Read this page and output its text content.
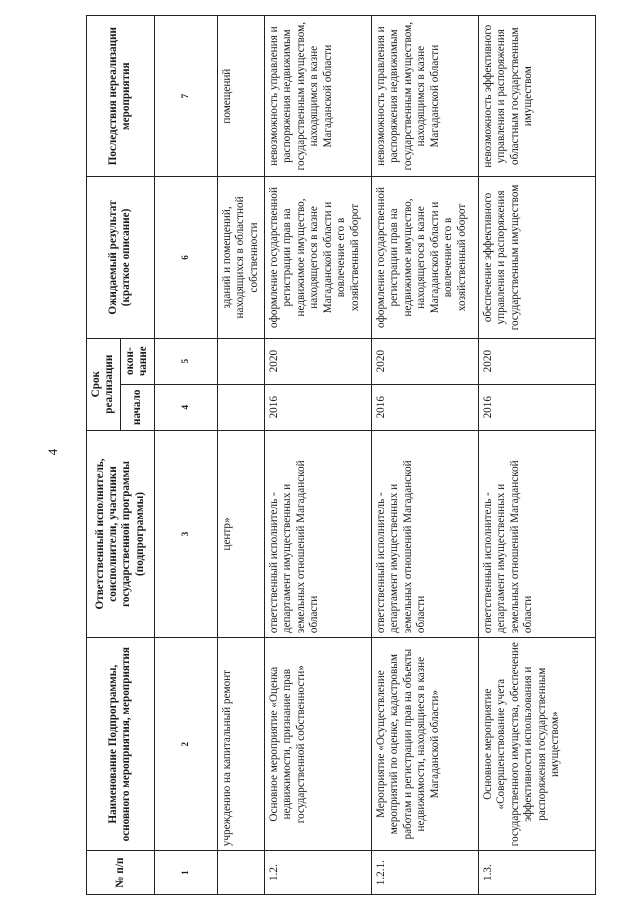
4
№ п/п	Наименование Подпрограммы, основного мероприятия, мероприятия	Ответственный исполнитель, соисполнители, участники государственной программы (подпрограммы)	Срок реализации		Ожидаемый результат (краткое описание)	Последствия нереализации мероприятия
			начало	окон-чание		
1	2	3	4	5	6	7
	учреждению на капитальный ремонт	центр»			зданий и помещений, находящихся в областной собственности	помещений
1.2.	Основное мероприятие «Оценка недвижимости, признание прав государственной собственности»	ответственный исполнитель - департамент имущественных и земельных отношений Магаданской области	2016	2020	оформление государственной регистрации прав на недвижимое имущество, находящегося в казне Магаданской области и вовлечение его в хозяйственный оборот	невозможность управления и распоряжения недвижимым государственным имуществом, находящимся в казне Магаданской области
1.2.1.	Мероприятие «Осуществление мероприятий по оценке, кадастровым работам и регистрации прав на объекты недвижимости, находящиеся в казне Магаданской области»	ответственный исполнитель - департамент имущественных и земельных отношений Магаданской области	2016	2020	оформление государственной регистрации прав на недвижимое имущество, находящегося в казне Магаданской области и вовлечение его в хозяйственный оборот	невозможность управления и распоряжения недвижимым государственным имуществом, находящимся в казне Магаданской области
1.3.	Основное мероприятие «Совершенствование учета государственного имущества, обеспечение эффективности использования и распоряжения государственным имуществом»	ответственный исполнитель - департамент имущественных и земельных отношений Магаданской области	2016	2020	обеспечение эффективного управления и распоряжения государственным имуществом	невозможность эффективного управления и распоряжения областным государственным имуществом
